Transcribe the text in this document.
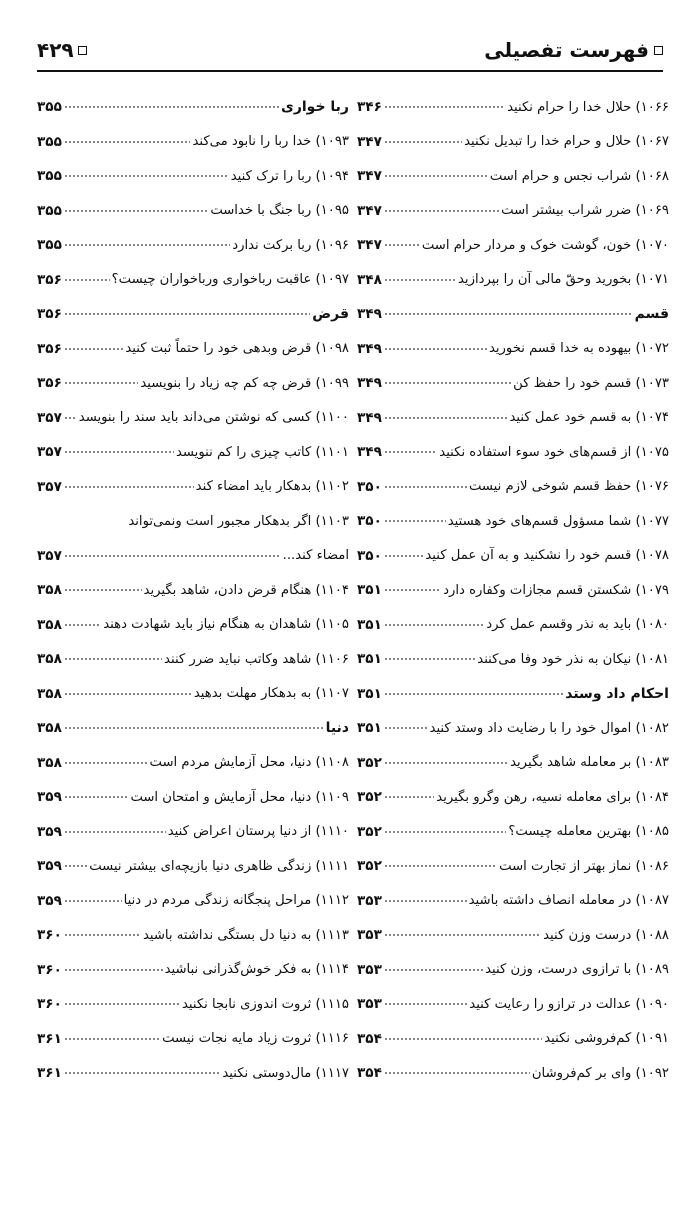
فهرست تفصیلی
۴۲۹
۱۰۶۶) حلال خدا را حرام نکنید
۳۴۶
۱۰۶۷) حلال و حرام خدا را تبدیل نکنید
۳۴۷
۱۰۶۸) شراب نجس و حرام است
۳۴۷
۱۰۶۹) ضرر شراب بیشتر است
۳۴۷
۱۰۷۰) خون، گوشت خوک و مردار حرام است
۳۴۷
۱۰۷۱) بخورید وحقّ مالی آن را بپردازید
۳۴۸
قسم
۳۴۹
۱۰۷۲) بیهوده به خدا قسم نخورید
۳۴۹
۱۰۷۳) قسم خود را حفظ کن
۳۴۹
۱۰۷۴) به قسم خود عمل کنید
۳۴۹
۱۰۷۵) از قسم‌های خود سوء استفاده نکنید
۳۴۹
۱۰۷۶) حفظ قسم شوخی لازم نیست
۳۵۰
۱۰۷۷) شما مسؤول قسم‌های خود هستید
۳۵۰
۱۰۷۸) قسم خود را نشکنید و به آن عمل کنید
۳۵۰
۱۰۷۹) شکستن قسم مجازات وکفاره دارد
۳۵۱
۱۰۸۰) باید به نذر وقسم عمل کرد
۳۵۱
۱۰۸۱) نیکان به نذر خود وفا می‌کنند
۳۵۱
احکام داد وستد
۳۵۱
۱۰۸۲) اموال خود را با رضایت داد وستد کنید
۳۵۱
۱۰۸۳) بر معامله شاهد بگیرید
۳۵۲
۱۰۸۴) برای معامله نسیه، رهن وگرو بگیرید
۳۵۲
۱۰۸۵) بهترین معامله چیست؟
۳۵۲
۱۰۸۶) نماز بهتر از تجارت است
۳۵۲
۱۰۸۷) در معامله انصاف داشته باشید
۳۵۳
۱۰۸۸) درست وزن کنید
۳۵۳
۱۰۸۹) با ترازوی درست، وزن کنید
۳۵۳
۱۰۹۰) عدالت در ترازو را رعایت کنید
۳۵۳
۱۰۹۱) کم‌فروشی نکنید
۳۵۴
۱۰۹۲) وای بر کم‌فروشان
۳۵۴
ربا خواری
۳۵۵
۱۰۹۳) خدا ربا را نابود می‌کند
۳۵۵
۱۰۹۴) ربا را ترک کنید
۳۵۵
۱۰۹۵) ربا جنگ با خداست
۳۵۵
۱۰۹۶) ربا برکت ندارد
۳۵۵
۱۰۹۷) عاقبت رباخواری ورباخواران چیست؟
۳۵۶
قرض
۳۵۶
۱۰۹۸) قرض وبدهی خود را حتماً ثبت کنید
۳۵۶
۱۰۹۹) قرض چه کم چه زیاد را بنویسید
۳۵۶
۱۱۰۰) کسی که نوشتن می‌داند باید سند را بنویسد
۳۵۷
۱۱۰۱) کاتب چیزی را کم ننویسد
۳۵۷
۱۱۰۲) بدهکار باید امضاء کند
۳۵۷
۱۱۰۳) اگر بدهکار مجبور است ونمی‌تواند
امضاء کند...
۳۵۷
۱۱۰۴) هنگام قرض دادن، شاهد بگیرید
۳۵۸
۱۱۰۵) شاهدان به هنگام نیاز باید شهادت دهند
۳۵۸
۱۱۰۶) شاهد وکاتب نباید ضرر کنند
۳۵۸
۱۱۰۷) به بدهکار مهلت بدهید
۳۵۸
دنیا
۳۵۸
۱۱۰۸) دنیا، محل آزمایش مردم است
۳۵۸
۱۱۰۹) دنیا، محل آزمایش و امتحان است
۳۵۹
۱۱۱۰) از دنیا پرستان اعراض کنید
۳۵۹
۱۱۱۱) زندگی ظاهری دنیا بازیچه‌ای بیشتر نیست
۳۵۹
۱۱۱۲) مراحل پنجگانه زندگی مردم در دنیا
۳۵۹
۱۱۱۳) به دنیا دل بستگی نداشته باشید
۳۶۰
۱۱۱۴) به فکر خوش‌گذرانی نباشید
۳۶۰
۱۱۱۵) ثروت اندوزی نابجا نکنید
۳۶۰
۱۱۱۶) ثروت زیاد مایه نجات نیست
۳۶۱
۱۱۱۷) مال‌دوستی نکنید
۳۶۱
